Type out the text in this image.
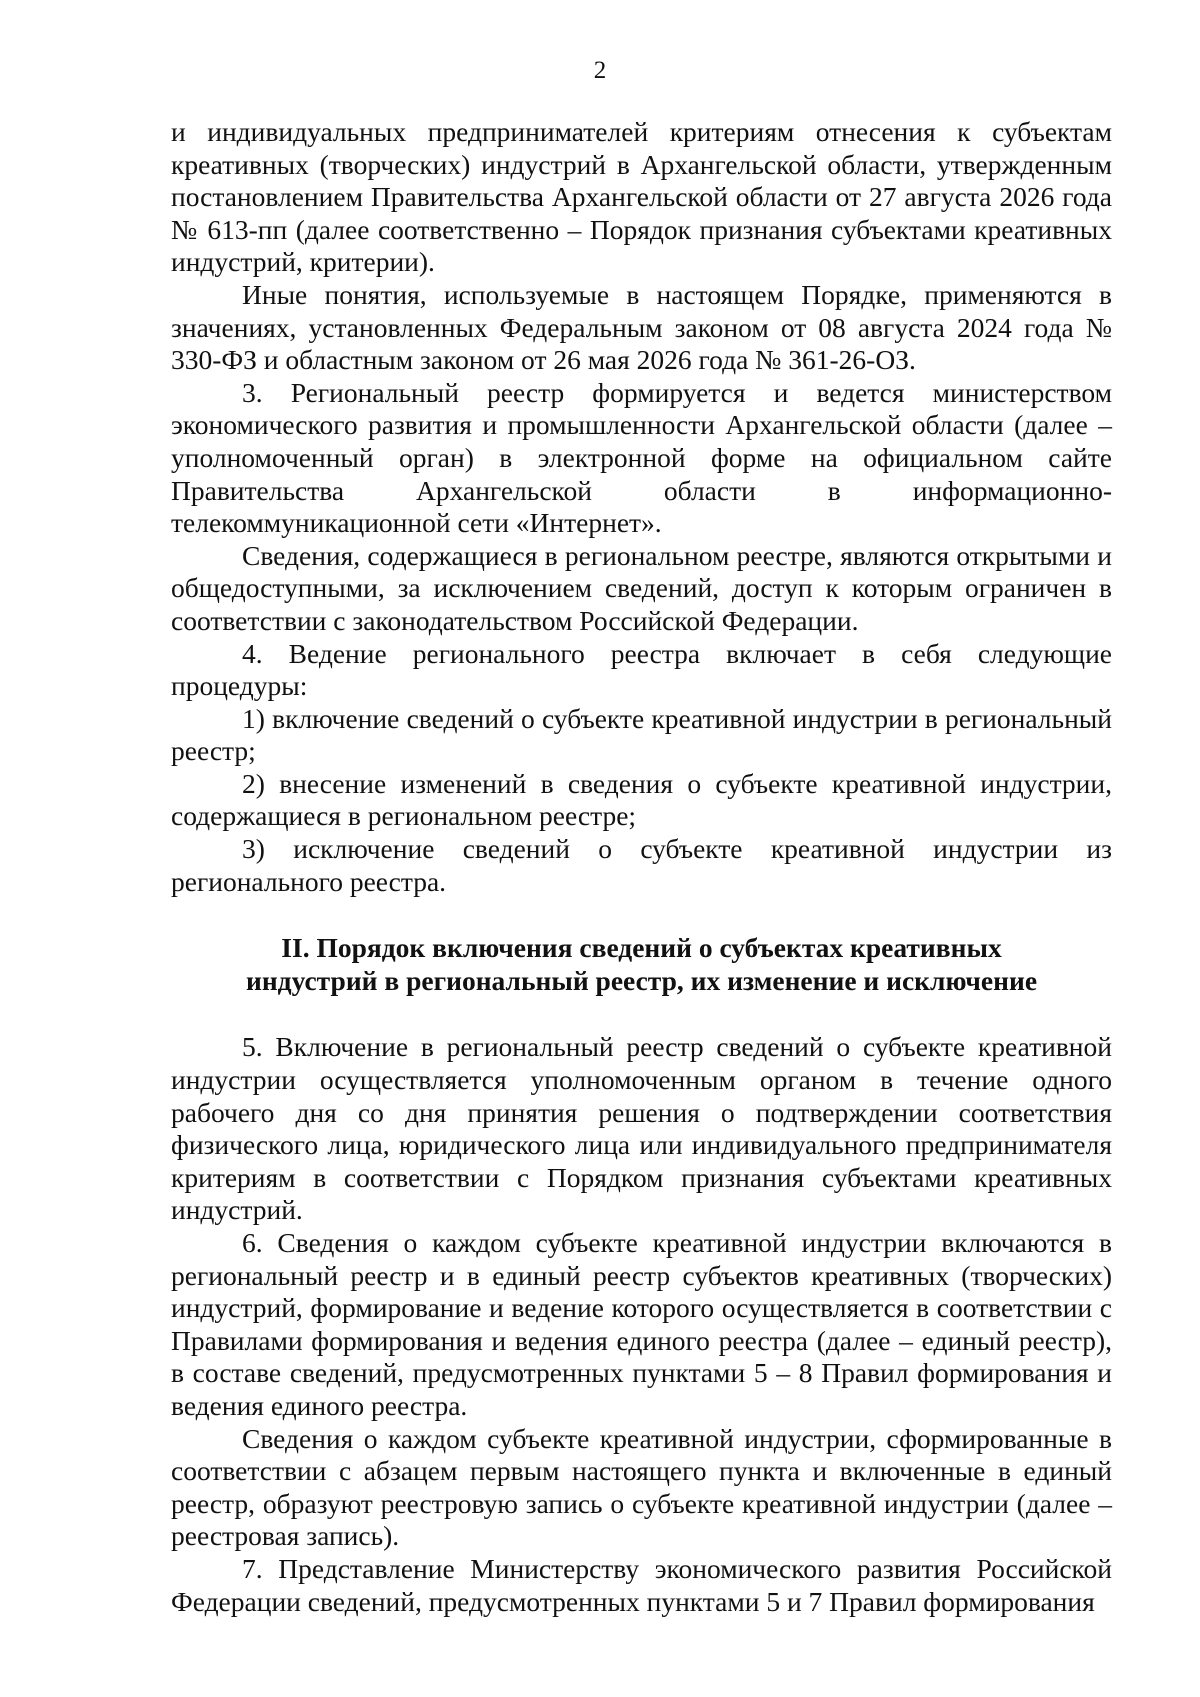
2

и индивидуальных предпринимателей критериям отнесения к субъектам креативных (творческих) индустрий в Архангельской области, утвержденным постановлением Правительства Архангельской области от 27 августа 2026 года № 613-пп (далее соответственно – Порядок признания субъектами креативных индустрий, критерии).

Иные понятия, используемые в настоящем Порядке, применяются в значениях, установленных Федеральным законом от 08 августа 2024 года № 330-ФЗ и областным законом от 26 мая 2026 года № 361-26-ОЗ.

3. Региональный реестр формируется и ведется министерством экономического развития и промышленности Архангельской области (далее – уполномоченный орган) в электронной форме на официальном сайте Правительства Архангельской области в информационно-телекоммуникационной сети «Интернет».

Сведения, содержащиеся в региональном реестре, являются открытыми и общедоступными, за исключением сведений, доступ к которым ограничен в соответствии с законодательством Российской Федерации.

4. Ведение регионального реестра включает в себя следующие процедуры:

1) включение сведений о субъекте креативной индустрии в региональный реестр;

2) внесение изменений в сведения о субъекте креативной индустрии, содержащиеся в региональном реестре;

3) исключение сведений о субъекте креативной индустрии из регионального реестра.

II. Порядок включения сведений о субъектах креативных
индустрий в региональный реестр, их изменение и исключение

5. Включение в региональный реестр сведений о субъекте креативной индустрии осуществляется уполномоченным органом в течение одного рабочего дня со дня принятия решения о подтверждении соответствия физического лица, юридического лица или индивидуального предпринимателя критериям в соответствии с Порядком признания субъектами креативных индустрий.

6. Сведения о каждом субъекте креативной индустрии включаются в региональный реестр и в единый реестр субъектов креативных (творческих) индустрий, формирование и ведение которого осуществляется в соответствии с Правилами формирования и ведения единого реестра (далее – единый реестр), в составе сведений, предусмотренных пунктами 5 – 8 Правил формирования и ведения единого реестра.

Сведения о каждом субъекте креативной индустрии, сформированные в соответствии с абзацем первым настоящего пункта и включенные в единый реестр, образуют реестровую запись о субъекте креативной индустрии (далее – реестровая запись).

7. Представление Министерству экономического развития Российской Федерации сведений, предусмотренных пунктами 5 и 7 Правил формирования
